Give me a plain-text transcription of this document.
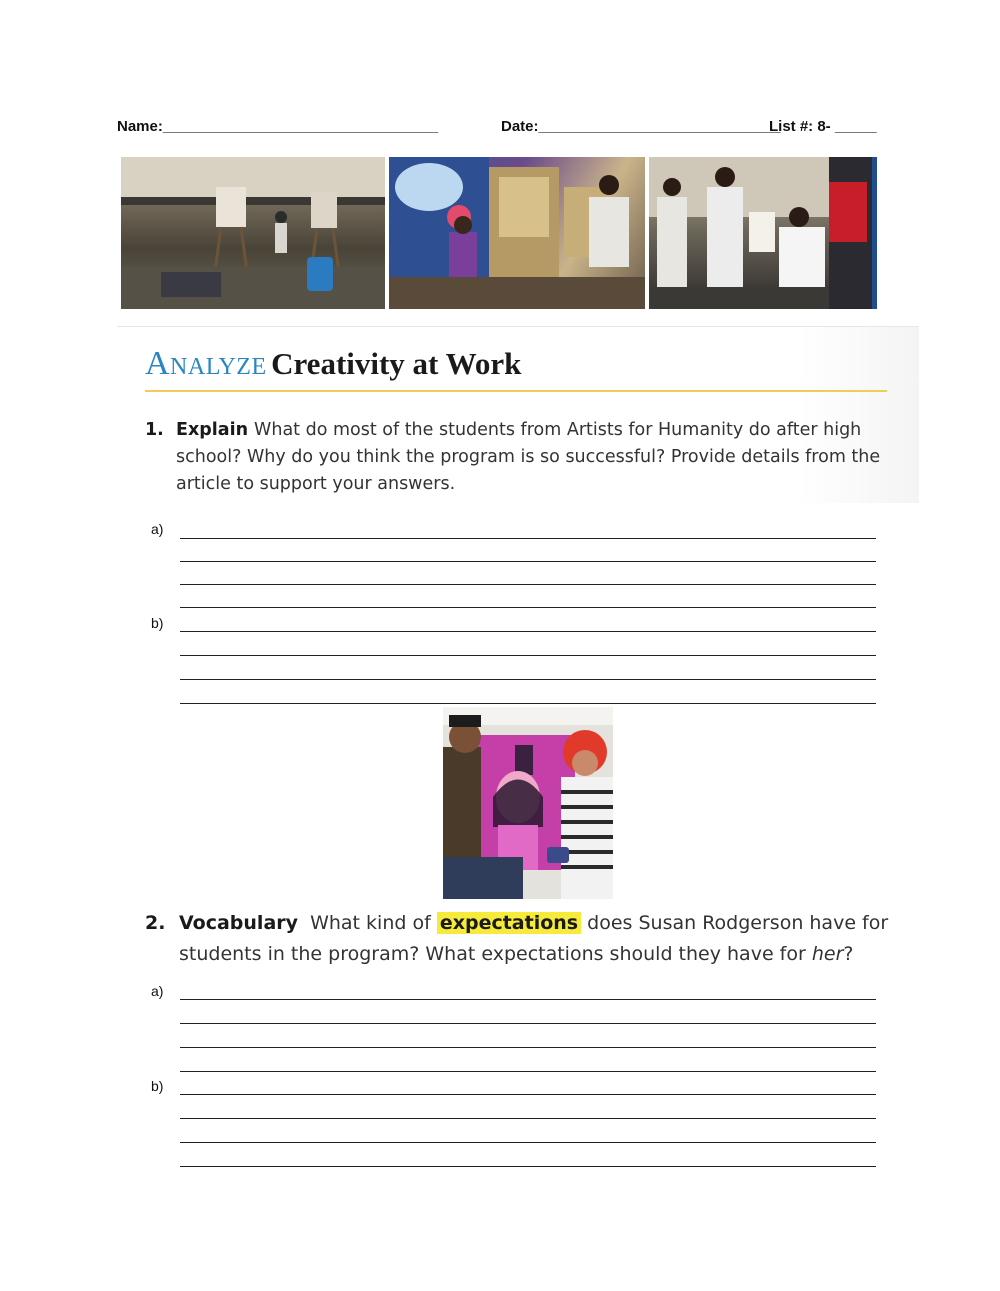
Name:_________________________________	Date:_____________________________
List #: 8- _____
Analyze Creativity at Work
1. Explain What do most of the students from Artists for Humanity do after high school? Why do you think the program is so successful? Provide details from the article to support your answers.
a)
b)
2. Vocabulary What kind of expectations does Susan Rodgerson have for students in the program? What expectations should they have for her?
a)
b)
